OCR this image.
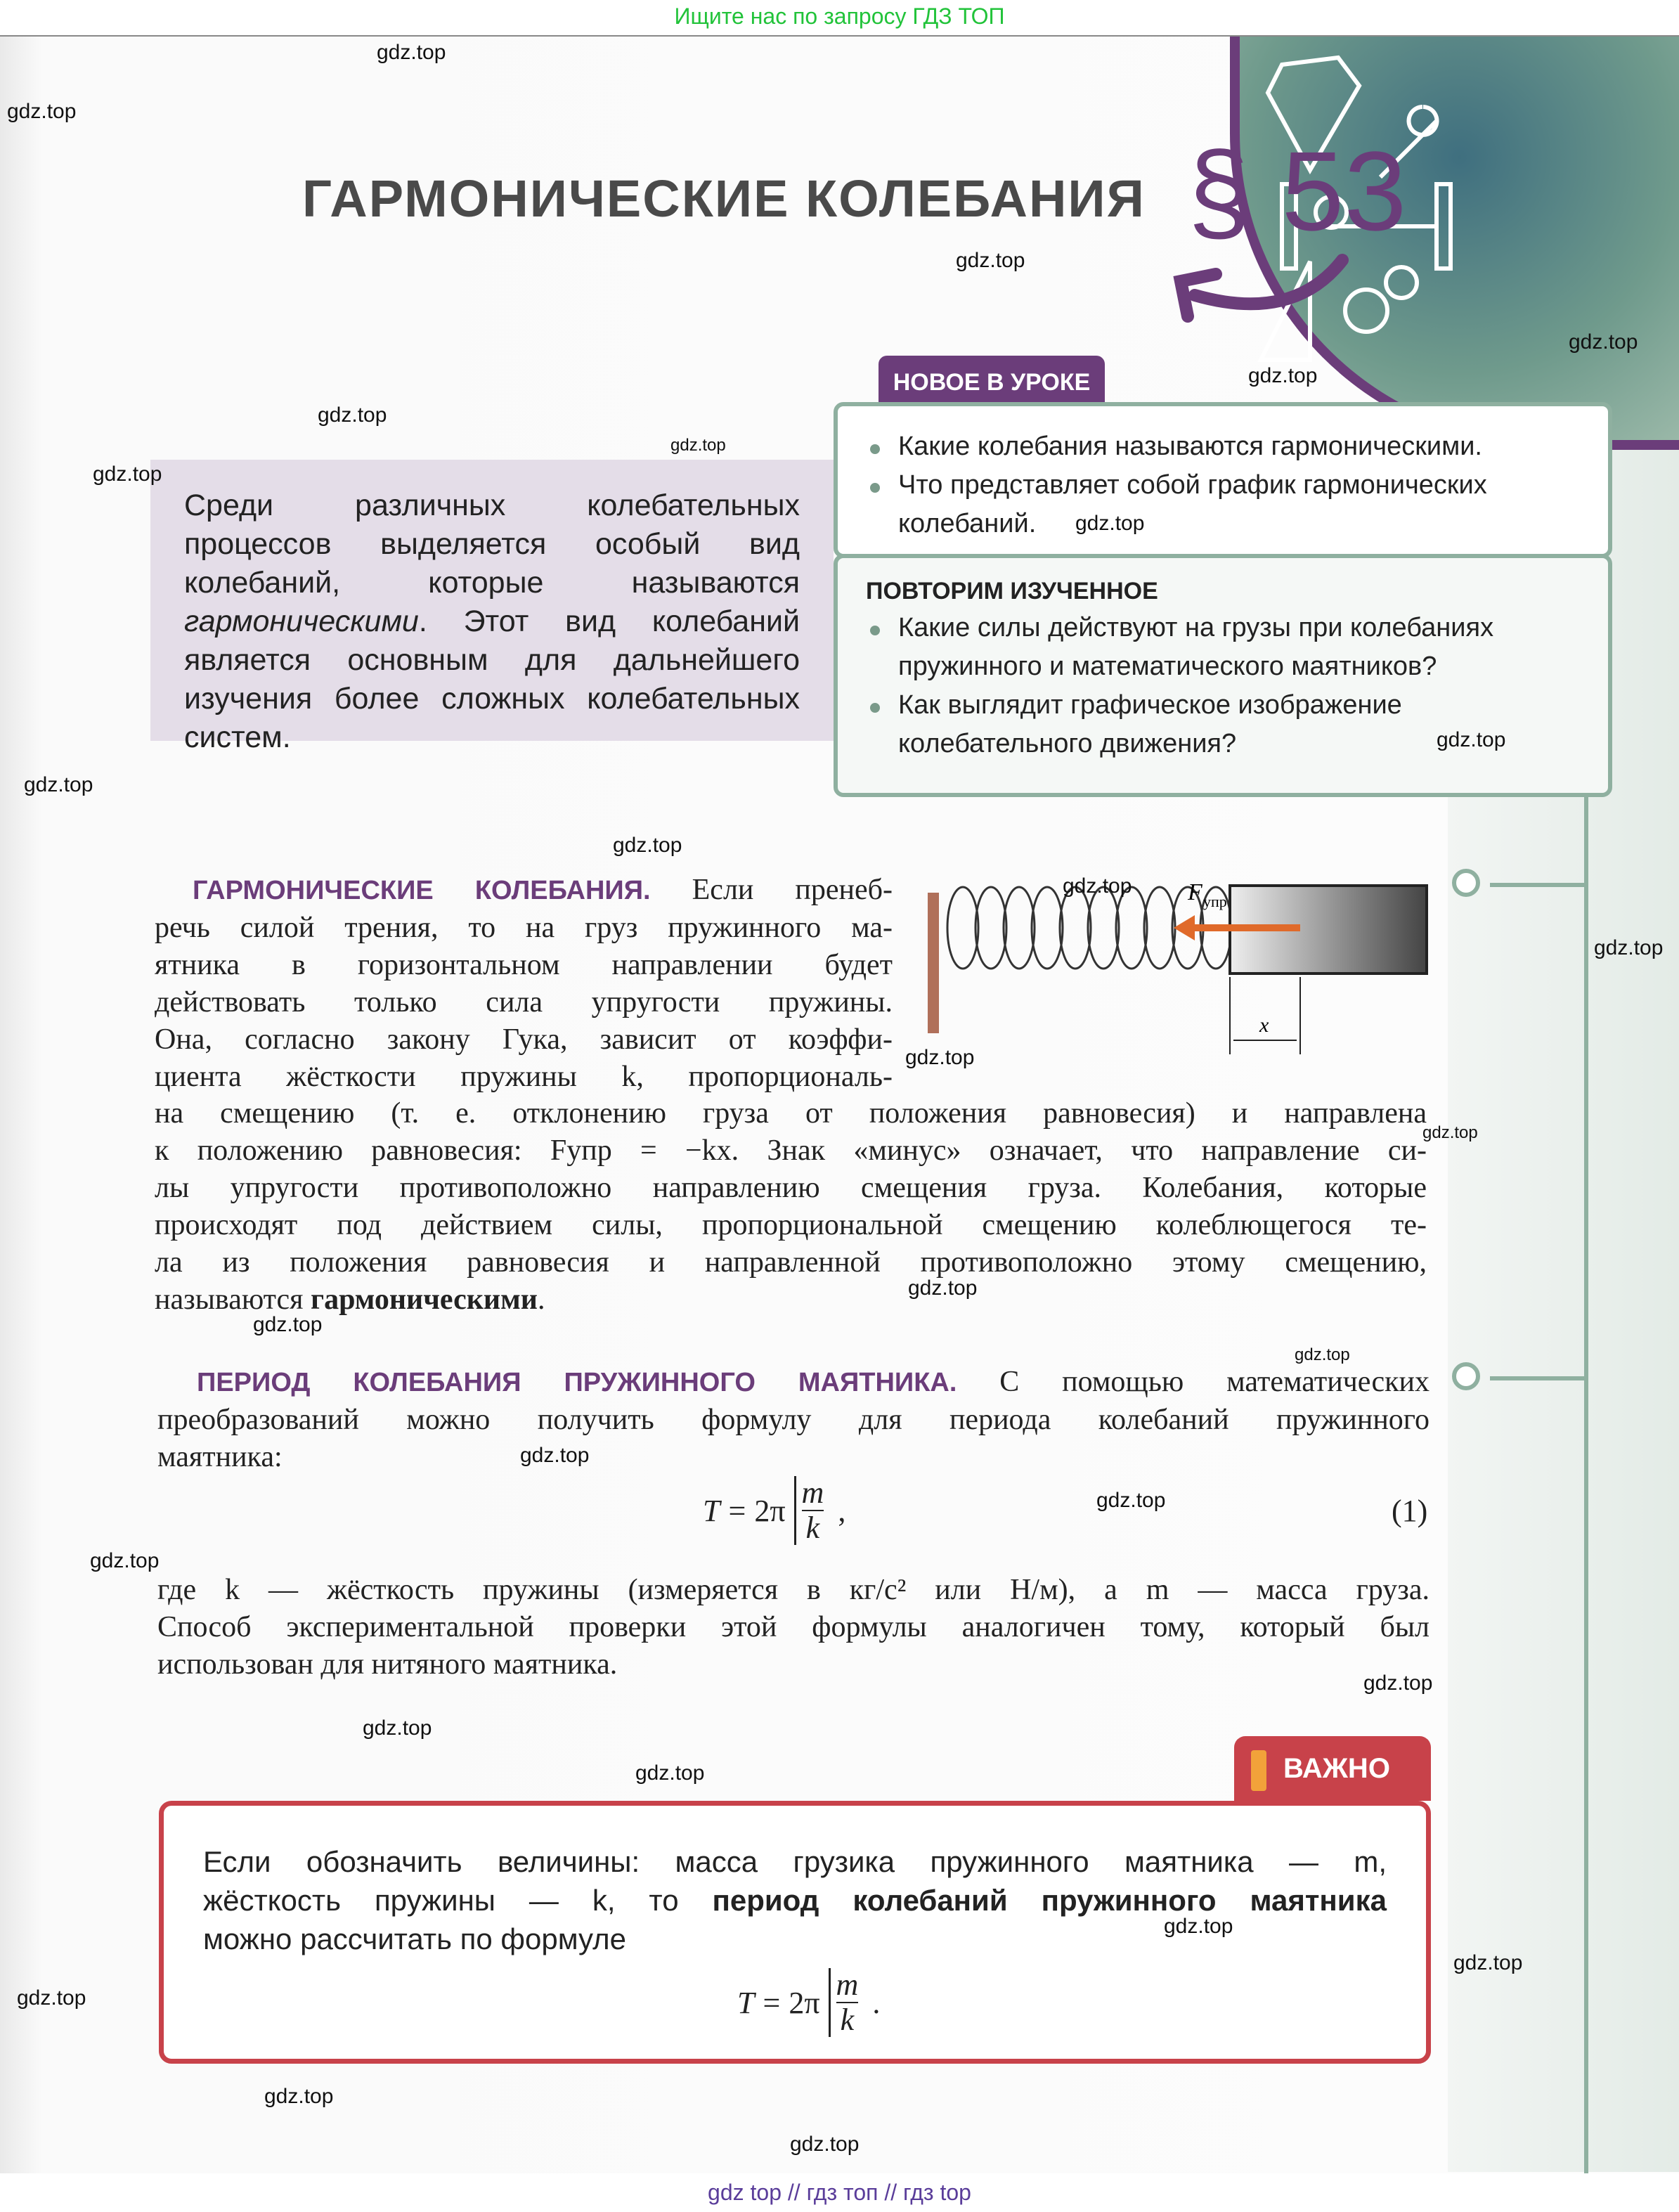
Ищите нас по запросу ГДЗ ТОП
ГАРМОНИЧЕСКИЕ КОЛЕБАНИЯ § 53
Среди различных колебательных процессов выделяется особый вид колебаний, которые называются гармоническими. Этот вид колебаний является основным для дальнейшего изучения более сложных колебательных систем.
НОВОЕ В УРОКЕ
Какие колебания называются гармоническими.
Что представляет собой график гармонических колебаний.
ПОВТОРИМ ИЗУЧЕННОЕ
Какие силы действуют на грузы при колебаниях пружинного и математического маятников?
Как выглядит графическое изображение колебательного движения?
ГАРМОНИЧЕСКИЕ КОЛЕБАНИЯ. Если пренеб-
речь силой трения, то на груз пружинного ма-
ятника в горизонтальном направлении будет
действовать только сила упругости пружины.
Она, согласно закону Гука, зависит от коэффи-
циента жёсткости пружины k, пропорциональ-
на смещению (т. е. отклонению груза от положения равновесия) и направлена
к положению равновесия: Fупр = −kx. Знак «минус» означает, что направление си-
лы упругости противоположно направлению смещения груза. Колебания, которые
происходят под действием силы, пропорциональной смещению колеблющегося те-
ла из положения равновесия и направленной противоположно этому смещению,
называются гармоническими.
x
F упр
ПЕРИОД КОЛЕБАНИЯ ПРУЖИННОГО МАЯТНИКА. С помощью математических
преобразований можно получить формулу для периода колебаний пружинного
маятника:
$T = 2\pi \frac{m}{k}$ ,	(1)
где k — жёсткость пружины (измеряется в кг/с² или Н/м), а m — масса груза.
Способ экспериментальной проверки этой формулы аналогичен тому, который был
использован для нитяного маятника.
ВАЖНО
Если обозначить величины: масса грузика пружинного маятника — m,
жёсткость пружины — k, то период колебаний пружинного маятника
можно рассчитать по формуле
$T = 2\pi \frac{m}{k}$ .
gdz.top
gdz.top
gdz.top
gdz.top
gdz.top
gdz.top
gdz.top
gdz.top
gdz.top
gdz.top
gdz.top
gdz.top
gdz.top
gdz.top
gdz.top
gdz.top
gdz.top
gdz.top
gdz.top
gdz.top
gdz.top
gdz.top
gdz.top
gdz.top
gdz.top
gdz.top
gdz.top
gdz.top
gdz.top
gdz.top
gdz top // гдз топ // гдз top
